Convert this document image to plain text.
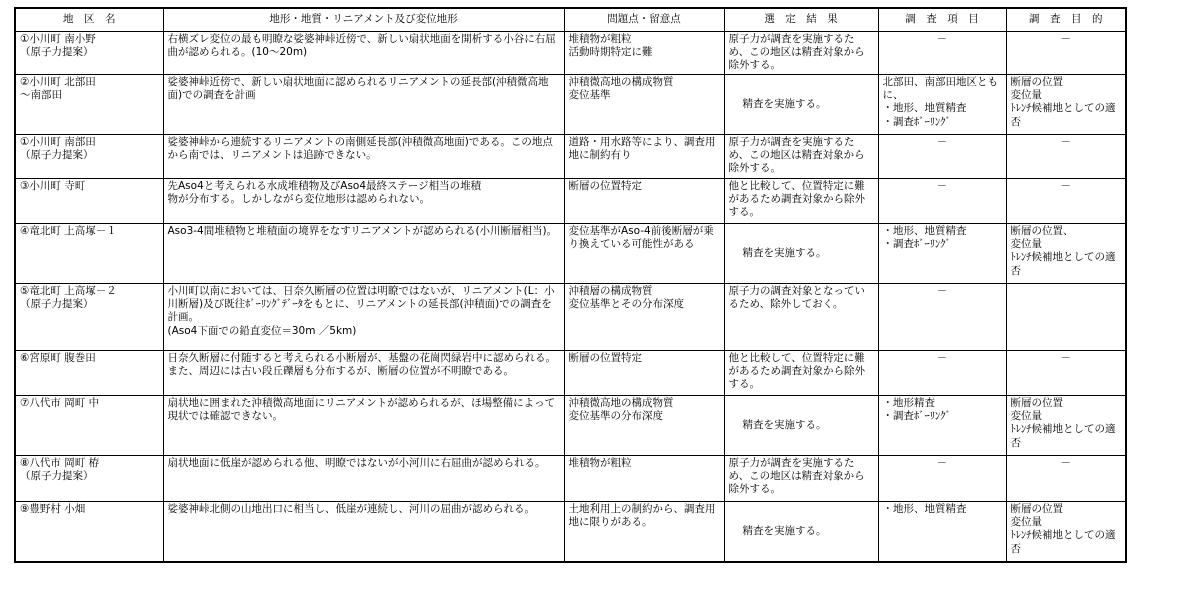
地　区　名	地形・地質・リニアメント及び変位地形	問題点・留意点	選　定　結　果	調　査　項　目	調　査　目　的
①小川町 南小野
（原子力提案）	右横ズレ変位の最も明瞭な娑婆神峠近傍で、新しい扇状地面を開析する小谷に右屈曲が認められる。(10～20m)	堆積物が粗粒
活動時期特定に難	原子力が調査を実施するため、この地区は精査対象から除外する。	－	－
②小川町 北部田
～南部田	娑婆神峠近傍で、新しい扇状地面に認められるリニアメントの延長部(沖積微高地面)での調査を計画	沖積微高地の構成物質
変位基準	精査を実施する。	北部田、南部田地区ともに、
・地形、地質精査
・調査ﾎﾞｰﾘﾝｸﾞ	断層の位置
変位量
ﾄﾚﾝﾁ候補地としての適否
①小川町 南部田
（原子力提案）	娑婆神峠から連続するリニアメントの南側延長部(沖積微高地面)である。この地点から南では、リニアメントは追跡できない。	道路・用水路等により、調査用地に制約有り	原子力が調査を実施するため、この地区は精査対象から除外する。	－	－
③小川町 寺町	先Aso4と考えられる水成堆積物及びAso4最終ステージ相当の堆積
物が分布する。しかしながら変位地形は認められない。	断層の位置特定	他と比較して、位置特定に難があるため調査対象から除外する。	－	－
④竜北町 上高塚－１	Aso3-4間堆積物と堆積面の境界をなすリニアメントが認められる(小川断層相当)。	変位基準がAso-4前後断層が乗り換えている可能性がある	精査を実施する。	・地形、地質精査
・調査ﾎﾞｰﾘﾝｸﾞ	断層の位置、
変位量
ﾄﾚﾝﾁ候補地としての適否
⑤竜北町 上高塚－２
（原子力提案）	小川町以南においては、日奈久断層の位置は明瞭ではないが、リニアメント(L：小川断層)及び既往ﾎﾞｰﾘﾝｸﾞﾃﾞｰﾀをもとに、リニアメントの延長部(沖積面)での調査を計画。
(Aso4下面での鉛直変位＝30m ／5km)	沖積層の構成物質
変位基準とその分布深度	原子力の調査対象となっているため、除外しておく。	－	
⑥宮原町 腹巻田	日奈久断層に付随すると考えられる小断層が、基盤の花崗閃緑岩中に認められる。また、周辺には古い段丘礫層も分布するが、断層の位置が不明瞭である。	断層の位置特定	他と比較して、位置特定に難があるため調査対象から除外する。	－	－
⑦八代市 岡町 中	扇状地に囲まれた沖積微高地面にリニアメントが認められるが、ほ場整備によって現状では確認できない。	沖積微高地の構成物質
変位基準の分布深度	精査を実施する。	・地形精査
・調査ﾎﾞｰﾘﾝｸﾞ	断層の位置
変位量
ﾄﾚﾝﾁ候補地としての適否
⑧八代市 岡町 栫
（原子力提案）	扇状地面に低崖が認められる他、明瞭ではないが小河川に右屈曲が認められる。	堆積物が粗粒	原子力が調査を実施するため、この地区は精査対象から除外する。	－	－
⑨豊野村 小畑	娑婆神峠北側の山地出口に相当し、低崖が連続し、河川の屈曲が認められる。	土地利用上の制約から、調査用地に限りがある。	精査を実施する。	・地形、地質精査	断層の位置
変位量
ﾄﾚﾝﾁ候補地としての適否
